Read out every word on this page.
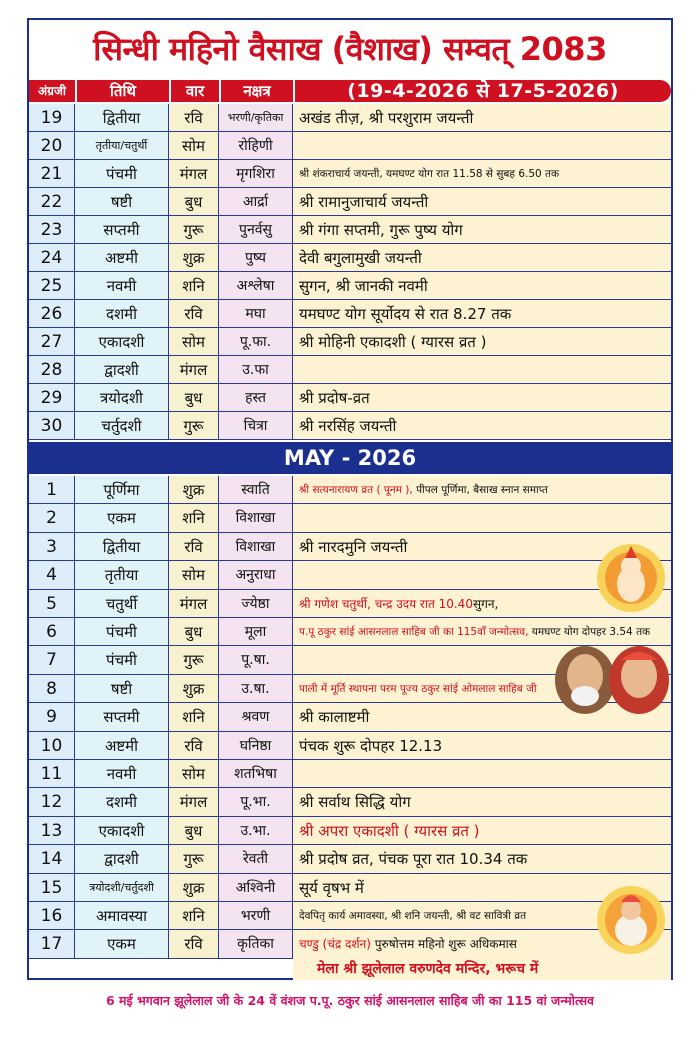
सिन्धी महिनो वैसाख (वैशाख) सम्वत् 2083
अंग्रजी	तिथि	वार	नक्षत्र	(19-4-2026 से 17-5-2026)
19	द्वितीया	रवि	भरणी/कृतिका	अखंड तीज़, श्री परशुराम जयन्ती
20	तृतीया/चतुर्थी	सोम	रोहिणी
21	पंचमी	मंगल	मृगशिरा	श्री शंकराचार्य जयन्ती, यमघण्ट योग रात 11.58 से सुबह 6.50 तक
22	षष्टी	बुध	आर्द्रा	श्री रामानुजाचार्य जयन्ती
23	सप्तमी	गुरू	पुनर्वसु	श्री गंगा सप्तमी, गुरू पुष्य योग
24	अष्टमी	शुक्र	पुष्य	देवी बगुलामुखी जयन्ती
25	नवमी	शनि	अश्लेषा	सुगन, श्री जानकी नवमी
26	दशमी	रवि	मघा	यमघण्ट योग सूर्योदय से रात 8.27 तक
27	एकादशी	सोम	पू.फा.	श्री मोहिनी एकादशी ( ग्यारस व्रत )
28	द्वादशी	मंगल	उ.फा
29	त्रयोदशी	बुध	हस्त	श्री प्रदोष-व्रत
30	चर्तुदशी	गुरू	चित्रा	श्री नरसिंह जयन्ती
MAY - 2026
1	पूर्णिमा	शुक्र	स्वाति	श्री सत्यनारायण व्रत ( पूनम ), पीपल पूर्णिमा, बैसाख स्नान समाप्त
2	एकम	शनि	विशाखा
3	द्वितीया	रवि	विशाखा	श्री नारदमुनि जयन्ती
4	तृतीया	सोम	अनुराधा
5	चतुर्थी	मंगल	ज्येष्ठा	श्री गणेश चतुर्थी, चन्द्र उदय रात 10.40सुगन,
6	पंचमी	बुध	मूला	प.पू ठकुर सांई आसनलाल साहिब जी का 115वाँ जन्मोत्सव, यमघण्ट योग दोपहर 3.54 तक
7	पंचमी	गुरू	पू.षा.
8	षष्टी	शुक्र	उ.षा.	पाली में मूर्ति स्थापना परम पूज्य ठकुर सांई ओमलाल साहिब जी
9	सप्तमी	शनि	श्रवण	श्री कालाष्टमी
10	अष्टमी	रवि	घनिष्ठा	पंचक शुरू दोपहर 12.13
11	नवमी	सोम	शतभिषा
12	दशमी	मंगल	पू.भा.	श्री सर्वाथ सिद्धि योग
13	एकादशी	बुध	उ.भा.	श्री अपरा एकादशी ( ग्यारस व्रत )
14	द्वादशी	गुरू	रेवती	श्री प्रदोष व्रत, पंचक पूरा रात 10.34 तक
15	त्रयोदशी/चर्तुदशी	शुक्र	अश्विनी	सूर्य वृषभ में
16	अमावस्या	शनि	भरणी	देवपितृ कार्य अमावस्या, श्री शनि जयन्ती, श्री वट सावित्री व्रत
17	एकम	रवि	कृतिका	चण्डु (चंद्र दर्शन) पुरुषोत्तम महिनो शुरू अधिकमास
मेला श्री झूलेलाल वरुणदेव मन्दिर, भरूच में
6 मई भगवान झूलेलाल जी के 24 वें वंशज प.पू. ठकुर सांई आसनलाल साहिब जी का 115 वां जन्मोत्सव
